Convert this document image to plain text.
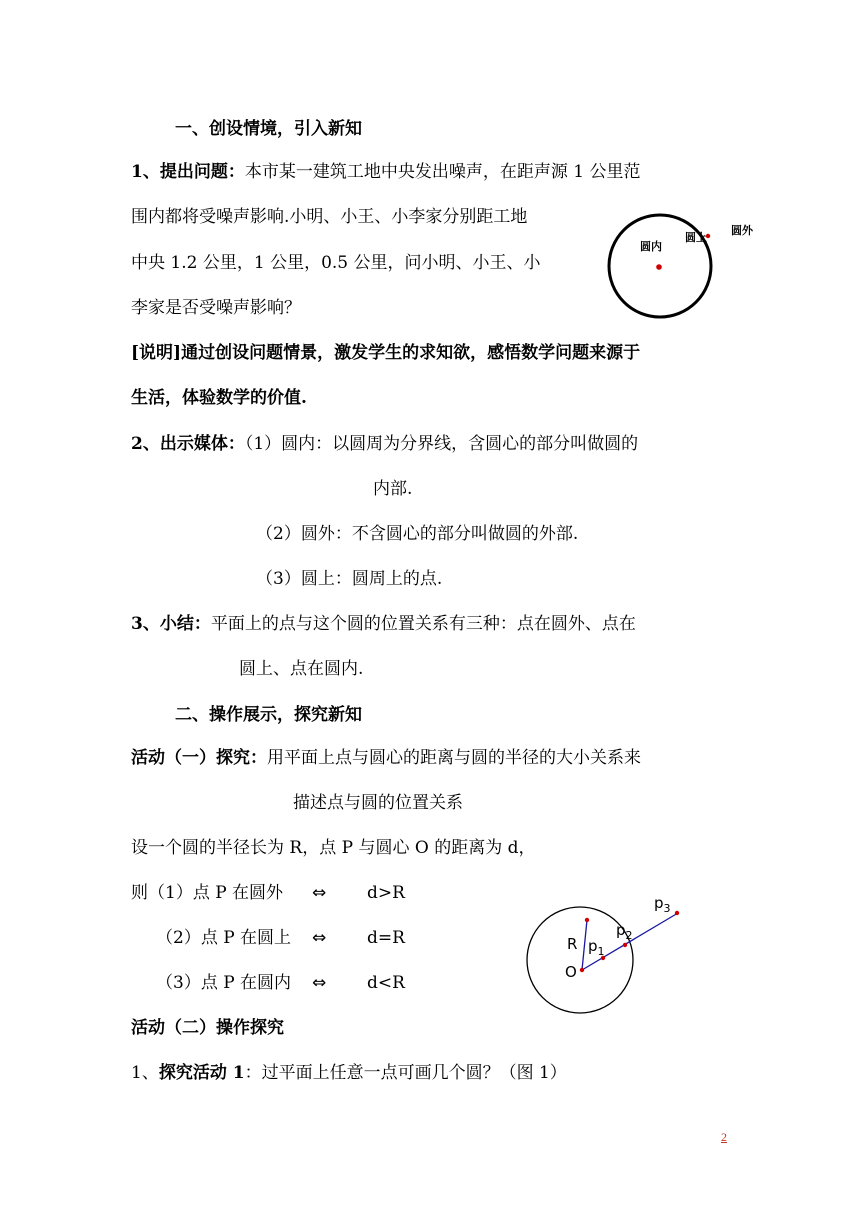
一、创设情境，引入新知
1、提出问题：本市某一建筑工地中央发出噪声，在距声源 1 公里范
围内都将受噪声影响.小明、小王、小李家分别距工地
中央 1.2 公里，1 公里，0.5 公里，问小明、小王、小
李家是否受噪声影响？
圆内
圆上
圆外
[说明]通过创设问题情景，激发学生的求知欲，感悟数学问题来源于
生活，体验数学的价值.
2、出示媒体：（1）圆内：以圆周为分界线，含圆心的部分叫做圆的
内部.
（2）圆外：不含圆心的部分叫做圆的外部.
（3）圆上：圆周上的点.
3、小结：平面上的点与这个圆的位置关系有三种：点在圆外、点在
圆上、点在圆内.
二、操作展示，探究新知
活动（一）探究：用平面上点与圆心的距离与圆的半径的大小关系来
描述点与圆的位置关系
设一个圆的半径长为 R，点 P 与圆心 O 的距离为 d，
则（1）点 P 在圆外 ⇔ d>R
（2）点 P 在圆上 ⇔ d=R
（3）点 P 在圆内 ⇔ d<R
O
R $p_1$
$p_2$
$p_3$
活动（二）操作探究
1、探究活动 1：过平面上任意一点可画几个圆？（图 1）
2
